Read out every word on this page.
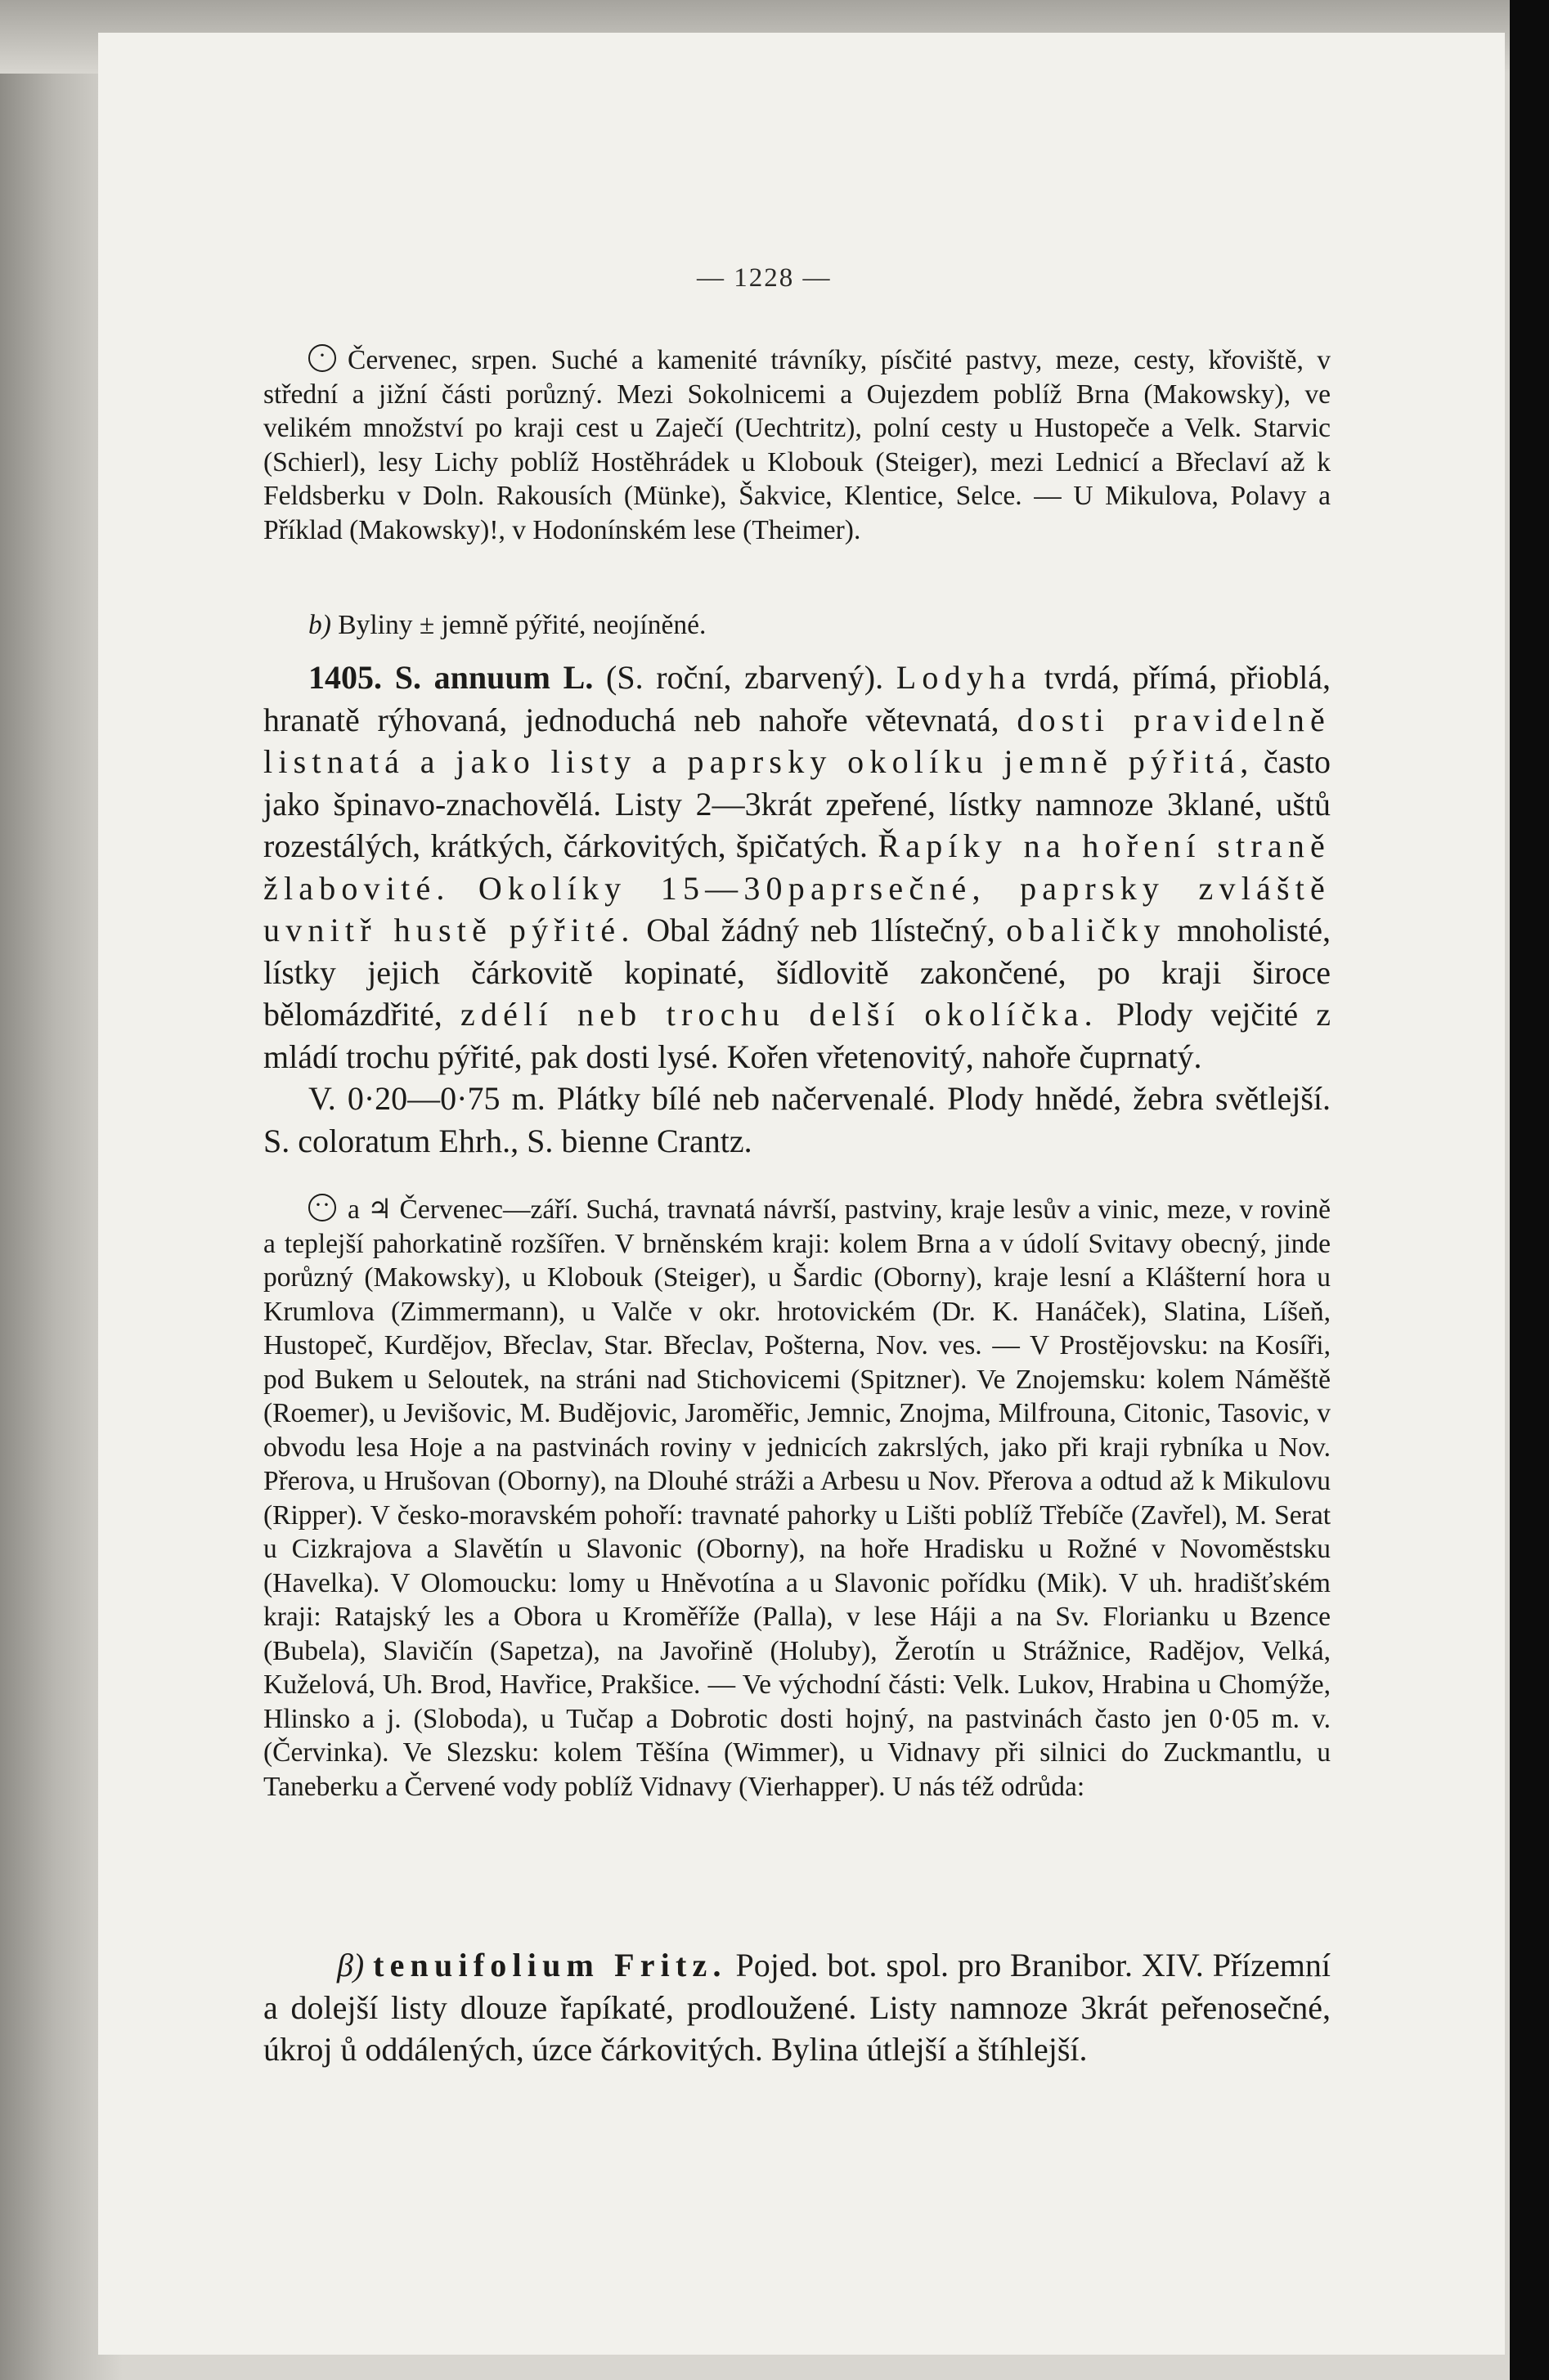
— 1228 —

·Červenec, srpen. Suché a kamenité trávníky, písčité pastvy, meze, cesty, křoviště, v střední a jižní části porůzný. Mezi Sokolnicemi a Oujezdem poblíž Brna (Makowsky), ve velikém množství po kraji cest u Zaječí (Uechtritz), polní cesty u Hustopeče a Velk. Starvic (Schierl), lesy Lichy poblíž Hostěhrádek u Klobouk (Steiger), mezi Lednicí a Břeclaví až k Feldsberku v Doln. Rakousích (Münke), Šakvice, Klentice, Selce. — U Mikulova, Polavy a Příklad (Makowsky)!, v Hodonínském lese (Theimer).

b) Byliny ± jemně pýřité, neojíněné.

1405. S. annuum L. (S. roční, zbarvený). Lodyha tvrdá, přímá, přioblá, hranatě rýhovaná, jednoduchá neb nahoře větevnatá, dosti pravidelně listnatá a jako listy a paprsky okolíku jemně pýřitá, často jako špinavo-znachovělá. Listy 2—3krát zpeřené, lístky namnoze 3klané, uštů rozestálých, krátkých, čárkovitých, špičatých. Řapíky na hoření straně žlabovité. Okolíky 15—30paprsečné, paprsky zvláště uvnitř hustě pýřité. Obal žádný neb 1lístečný, obaličky mnoholisté, lístky jejich čárkovitě kopinaté, šídlovitě zakončené, po kraji široce bělomázdřité, zdélí neb trochu delší okolíčka. Plody vejčité z mládí trochu pýřité, pak dosti lysé. Kořen vřetenovitý, nahoře čuprnatý.

V. 0·20—0·75 m. Plátky bílé neb načervenalé. Plody hnědé, žebra světlejší. S. coloratum Ehrh., S. bienne Crantz.

··a ♃ Červenec—září. Suchá, travnatá návrší, pastviny, kraje lesův a vinic, meze, v rovině a teplejší pahorkatině rozšířen. V brněnském kraji: kolem Brna a v údolí Svitavy obecný, jinde porůzný (Makowsky), u Klobouk (Steiger), u Šardic (Oborny), kraje lesní a Klášterní hora u Krumlova (Zimmermann), u Valče v okr. hrotovickém (Dr. K. Hanáček), Slatina, Líšeň, Hustopeč, Kurdějov, Břeclav, Star. Břeclav, Pošterna, Nov. ves. — V Prostějovsku: na Kosíři, pod Bukem u Seloutek, na stráni nad Stichovicemi (Spitzner). Ve Znojemsku: kolem Náměště (Roemer), u Jevišovic, M. Budějovic, Jaroměřic, Jemnic, Znojma, Milfrouna, Citonic, Tasovic, v obvodu lesa Hoje a na pastvinách roviny v jednicích zakrslých, jako při kraji rybníka u Nov. Přerova, u Hrušovan (Oborny), na Dlouhé stráži a Arbesu u Nov. Přerova a odtud až k Mikulovu (Ripper). V česko-moravském pohoří: travnaté pahorky u Lišti poblíž Třebíče (Zavřel), M. Serat u Cizkrajova a Slavětín u Slavonic (Oborny), na hoře Hradisku u Rožné v Novoměstsku (Havelka). V Olomoucku: lomy u Hněvotína a u Slavonic pořídku (Mik). V uh. hradišťském kraji: Ratajský les a Obora u Kroměříže (Palla), v lese Háji a na Sv. Florianku u Bzence (Bubela), Slavičín (Sapetza), na Javořině (Holuby), Žerotín u Strážnice, Radějov, Velká, Kuželová, Uh. Brod, Havřice, Prakšice. — Ve východní části: Velk. Lukov, Hrabina u Chomýže, Hlinsko a j. (Sloboda), u Tučap a Dobrotic dosti hojný, na pastvinách často jen 0·05 m. v. (Červinka). Ve Slezsku: kolem Těšína (Wimmer), u Vidnavy při silnici do Zuckmantlu, u Taneberku a Červené vody poblíž Vidnavy (Vierhapper). U nás též odrůda:

β) tenuifolium Fritz. Pojed. bot. spol. pro Branibor. XIV. Přízemní a dolejší listy dlouze řapíkaté, prodloužené. Listy namnoze 3krát peřenosečné, úkroj ů oddálených, úzce čárkovitých. Bylina útlejší a štíhlejší.
